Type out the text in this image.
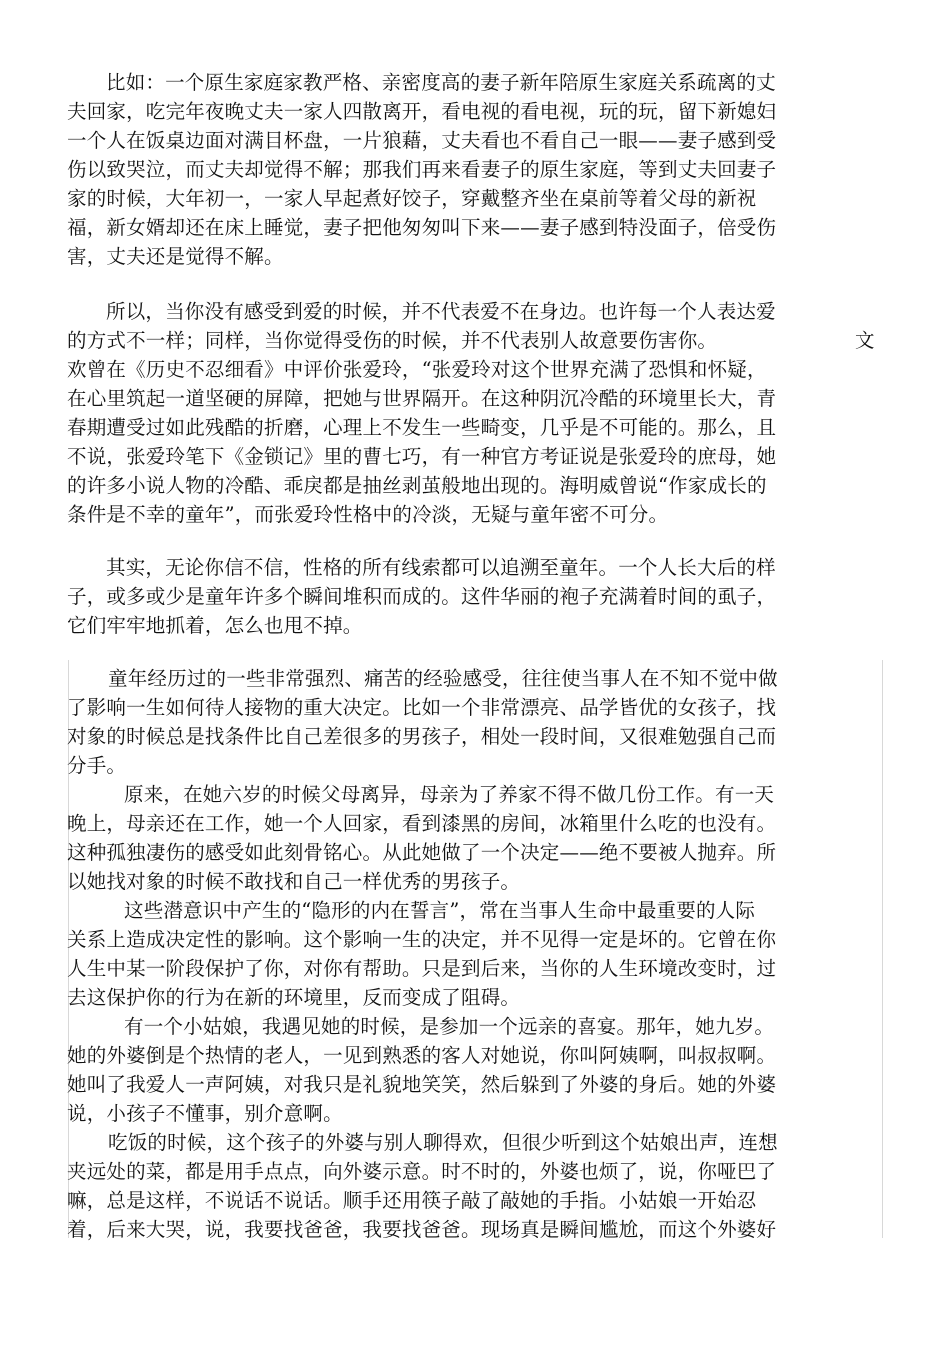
比如：一个原生家庭家教严格、亲密度高的妻子新年陪原生家庭关系疏离的丈
夫回家，吃完年夜晚丈夫一家人四散离开，看电视的看电视，玩的玩，留下新媳妇
一个人在饭桌边面对满目杯盘，一片狼藉，丈夫看也不看自己一眼——妻子感到受
伤以致哭泣，而丈夫却觉得不解；那我们再来看妻子的原生家庭，等到丈夫回妻子
家的时候，大年初一，一家人早起煮好饺子，穿戴整齐坐在桌前等着父母的新祝
福，新女婿却还在床上睡觉，妻子把他匆匆叫下来——妻子感到特没面子，倍受伤
害，丈夫还是觉得不解。
所以，当你没有感受到爱的时候，并不代表爱不在身边。也许每一个人表达爱
的方式不一样；同样，当你觉得受伤的时候，并不代表别人故意要伤害你。	文
欢曾在《历史不忍细看》中评价张爱玲，“张爱玲对这个世界充满了恐惧和怀疑，
在心里筑起一道坚硬的屏障，把她与世界隔开。在这种阴沉冷酷的环境里长大，青
春期遭受过如此残酷的折磨，心理上不发生一些畸变，几乎是不可能的。那么，且
不说，张爱玲笔下《金锁记》里的曹七巧，有一种官方考证说是张爱玲的庶母，她
的许多小说人物的冷酷、乖戾都是抽丝剥茧般地出现的。海明威曾说“作家成长的
条件是不幸的童年”，而张爱玲性格中的冷淡，无疑与童年密不可分。
其实，无论你信不信，性格的所有线索都可以追溯至童年。一个人长大后的样
子，或多或少是童年许多个瞬间堆积而成的。这件华丽的袍子充满着时间的虱子，
它们牢牢地抓着，怎么也甩不掉。
童年经历过的一些非常强烈、痛苦的经验感受，往往使当事人在不知不觉中做
了影响一生如何待人接物的重大决定。比如一个非常漂亮、品学皆优的女孩子，找
对象的时候总是找条件比自己差很多的男孩子，相处一段时间，又很难勉强自己而
分手。
原来，在她六岁的时候父母离异，母亲为了养家不得不做几份工作。有一天
晚上，母亲还在工作，她一个人回家，看到漆黑的房间，冰箱里什么吃的也没有。
这种孤独凄伤的感受如此刻骨铭心。从此她做了一个决定——绝不要被人抛弃。所
以她找对象的时候不敢找和自己一样优秀的男孩子。
这些潜意识中产生的“隐形的内在誓言”，常在当事人生命中最重要的人际
关系上造成决定性的影响。这个影响一生的决定，并不见得一定是坏的。它曾在你
人生中某一阶段保护了你，对你有帮助。只是到后来，当你的人生环境改变时，过
去这保护你的行为在新的环境里，反而变成了阻碍。
有一个小姑娘，我遇见她的时候，是参加一个远亲的喜宴。那年，她九岁。
她的外婆倒是个热情的老人，一见到熟悉的客人对她说，你叫阿姨啊，叫叔叔啊。
她叫了我爱人一声阿姨，对我只是礼貌地笑笑，然后躲到了外婆的身后。她的外婆
说，小孩子不懂事，别介意啊。
吃饭的时候，这个孩子的外婆与别人聊得欢，但很少听到这个姑娘出声，连想
夹远处的菜，都是用手点点，向外婆示意。时不时的，外婆也烦了，说，你哑巴了
嘛，总是这样，不说话不说话。顺手还用筷子敲了敲她的手指。小姑娘一开始忍
着，后来大哭，说，我要找爸爸，我要找爸爸。现场真是瞬间尴尬，而这个外婆好
